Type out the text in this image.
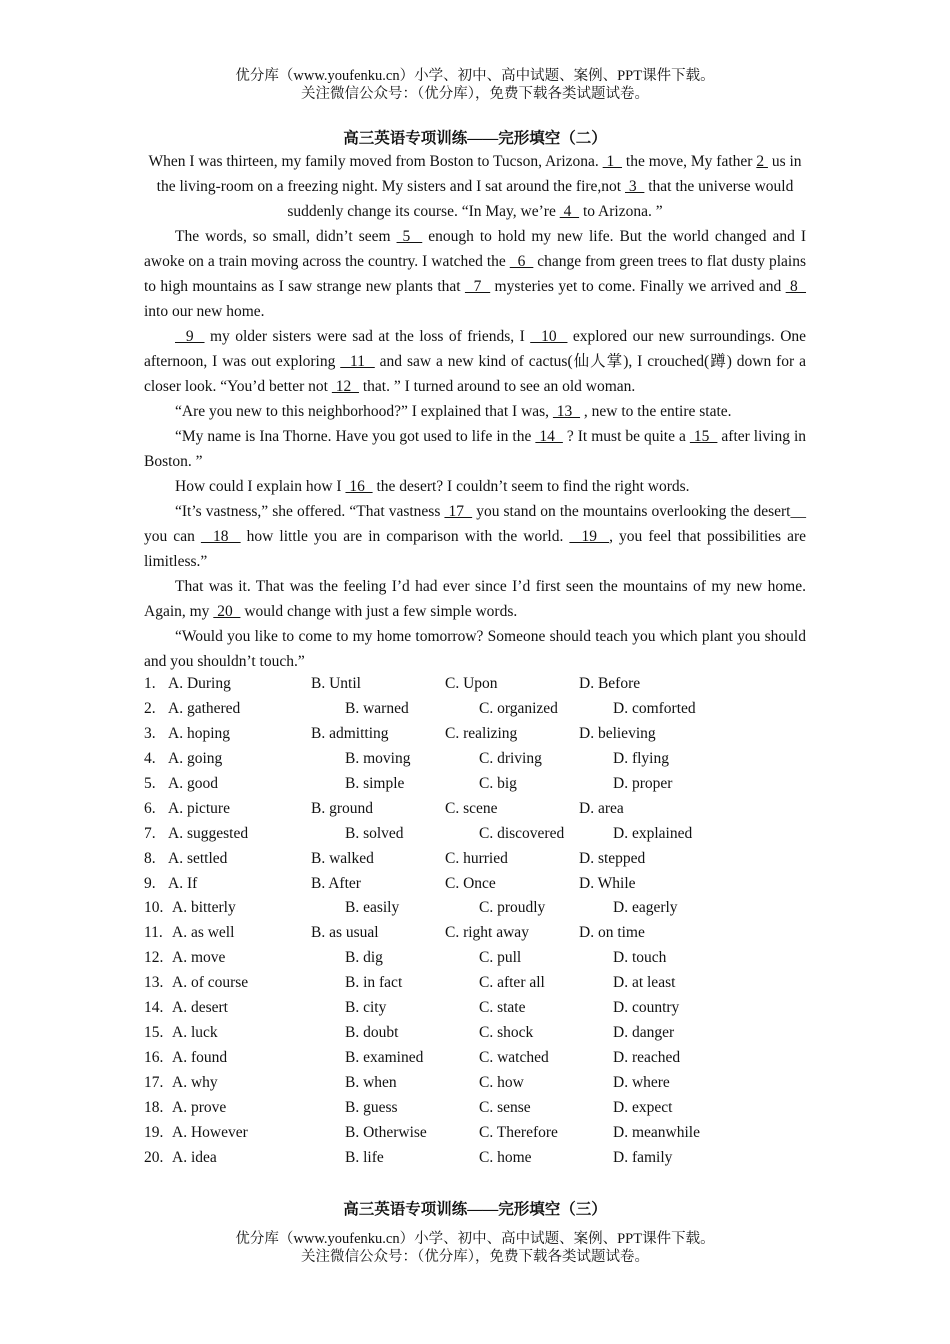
优分库（www.youfenku.cn）小学、初中、高中试题、案例、PPT课件下载。
关注微信公众号：（优分库），免费下载各类试题试卷。
高三英语专项训练——完形填空（二）

When I was thirteen, my family moved from Boston to Tucson, Arizona.  1   the move, My father 2  us in the living-room on a freezing night. My sisters and I sat around the fire,not  3   that the universe would suddenly change its course. “In May, we’re  4   to Arizona. ”

The words, so small, didn’t seem  5   enough to hold my new life. But the world changed and I awoke on a train moving across the country. I watched the   6   change from green trees to flat dusty plains to high mountains as I saw strange new plants that   7   mysteries yet to come. Finally we arrived and  8   into our new home.

9   my older sisters were sad at the loss of friends, I   10   explored our new surroundings. One afternoon, I was out exploring   11   and saw a new kind of cactus(仙人掌), I crouched(蹲) down for a closer look. “You’d better not  12   that. ” I turned around to see an old woman.

“Are you new to this neighborhood?” I explained that I was,  13   , new to the entire state.

“My name is Ina Thorne. Have you got used to life in the  14   ? It must be quite a  15   after living in Boston. ”

How could I explain how I  16   the desert? I couldn’t seem to find the right words.

“It’s vastness,” she offered. “That vastness  17   you stand on the mountains overlooking the desert__ you can   18   how little you are in comparison with the world.   19  , you feel that possibilities are limitless.”

That was it. That was the feeling I’d had ever since I’d first seen the mountains of my new home. Again, my  20   would change with just a few simple words.

“Would you like to come to my home tomorrow? Someone should teach you which plant you should and you shouldn’t touch.”

1. A. During	B. Until	C. Upon	D. Before
2. A. gathered	B. warned	C. organized	D. comforted
3. A. hoping	B. admitting	C. realizing	D. believing
4. A. going	B. moving	C. driving	D. flying
5. A. good	B. simple	C. big	D. proper
6. A. picture	B. ground	C. scene	D. area
7. A. suggested	B. solved	C. discovered	D. explained
8. A. settled	B. walked	C. hurried	D. stepped
9. A. If	B. After	C. Once	D. While
10. A. bitterly	B. easily	C. proudly	D. eagerly
11. A. as well	B. as usual	C. right away	D. on time
12. A. move	B. dig	C. pull	D. touch
13. A. of course	B. in fact	C. after all	D. at least
14. A. desert	B. city	C. state	D. country
15. A. luck	B. doubt	C. shock	D. danger
16. A. found	B. examined	C. watched	D. reached
17. A. why	B. when	C. how	D. where
18. A. prove	B. guess	C. sense	D. expect
19. A. However	B. Otherwise	C. Therefore	D. meanwhile
20. A. idea	B. life	C. home	D. family
高三英语专项训练——完形填空（三）
优分库（www.youfenku.cn）小学、初中、高中试题、案例、PPT课件下载。
关注微信公众号：（优分库），免费下载各类试题试卷。
